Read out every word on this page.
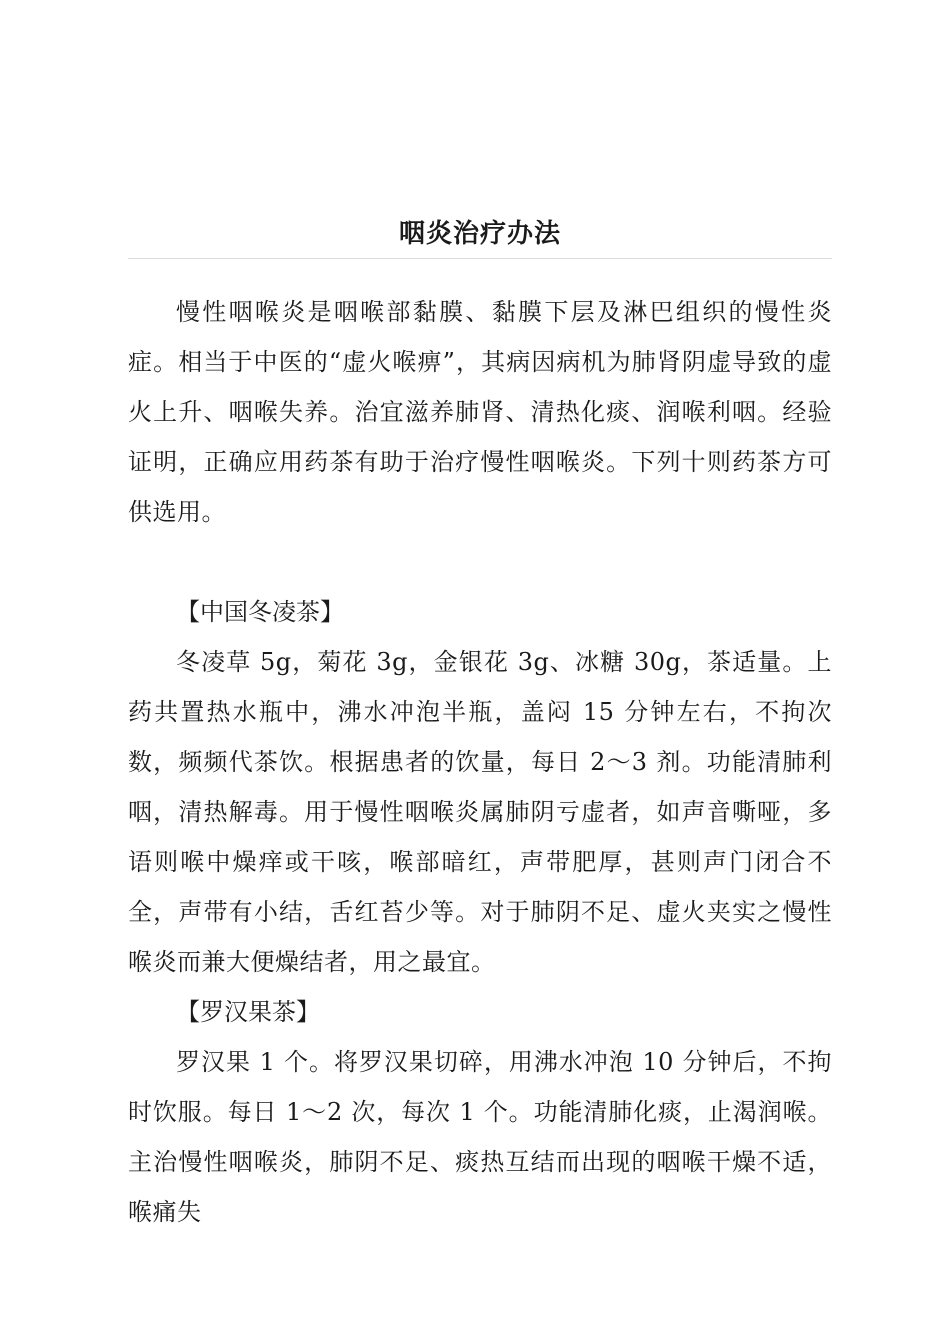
咽炎治疗办法

慢性咽喉炎是咽喉部黏膜、黏膜下层及淋巴组织的慢性炎症。相当于中医的“虚火喉痹”，其病因病机为肺肾阴虚导致的虚火上升、咽喉失养。治宜滋养肺肾、清热化痰、润喉利咽。经验证明，正确应用药茶有助于治疗慢性咽喉炎。下列十则药茶方可供选用。

【中国冬凌茶】

冬凌草 5g，菊花 3g，金银花 3g、冰糖 30g，茶适量。上药共置热水瓶中，沸水冲泡半瓶，盖闷 15 分钟左右，不拘次数，频频代茶饮。根据患者的饮量，每日 2～3 剂。功能清肺利咽，清热解毒。用于慢性咽喉炎属肺阴亏虚者，如声音嘶哑，多语则喉中燥痒或干咳，喉部暗红，声带肥厚，甚则声门闭合不全，声带有小结，舌红苔少等。对于肺阴不足、虚火夹实之慢性喉炎而兼大便燥结者，用之最宜。

【罗汉果茶】

罗汉果 1 个。将罗汉果切碎，用沸水冲泡 10 分钟后，不拘时饮服。每日 1～2 次，每次 1 个。功能清肺化痰，止渴润喉。主治慢性咽喉炎，肺阴不足、痰热互结而出现的咽喉干燥不适，喉痛失
